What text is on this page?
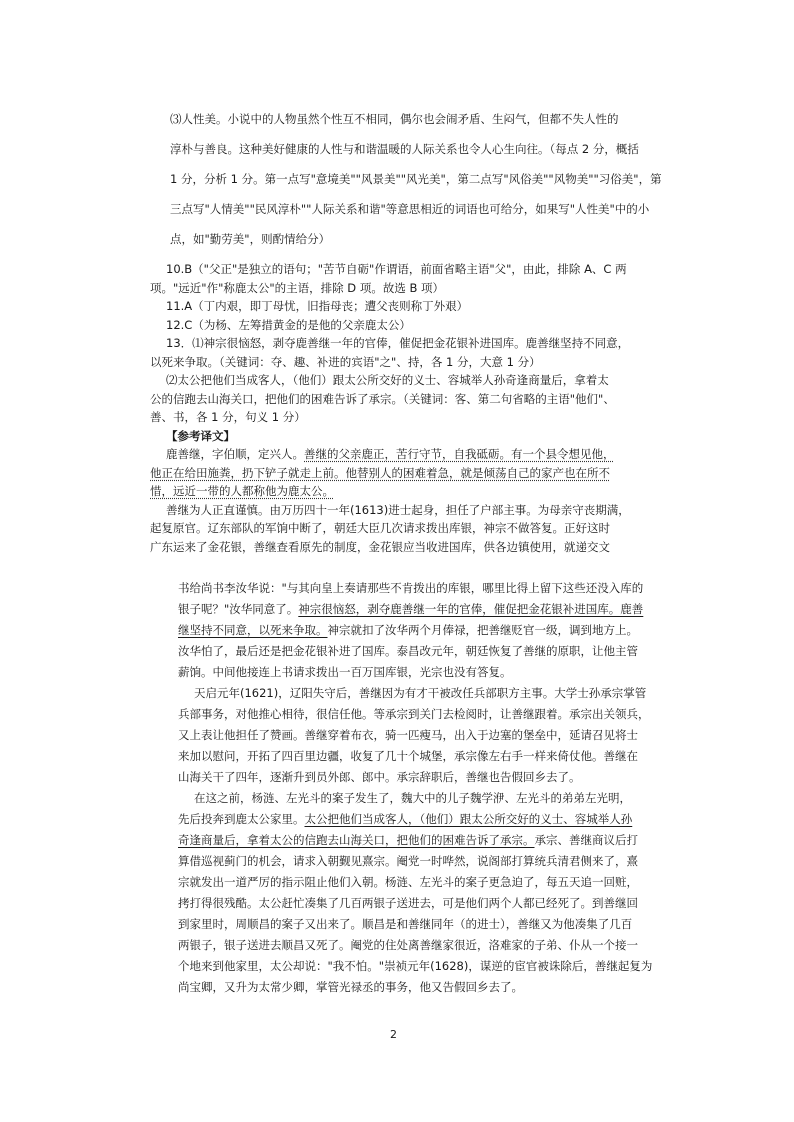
⑶人性美。小说中的人物虽然个性互不相同，偶尔也会闹矛盾、生闷气，但都不失人性的
淳朴与善良。这种美好健康的人性与和谐温暖的人际关系也令人心生向往。（每点 2 分，概括
1 分，分析 1 分。第一点写"意境美""风景美""风光美"，第二点写"风俗美""风物美""习俗美"，第
三点写"人情美""民风淳朴""人际关系和谐"等意思相近的词语也可给分，如果写"人性美"中的小
点，如"勤劳美"，则酌情给分）
10.B（"父正"是独立的语句；"苦节自砺"作谓语，前面省略主语"父"，由此，排除 A、C 两
项。"远近"作"称鹿太公"的主语，排除 D 项。故选 B 项）
11.A（丁内艰，即丁母忧，旧指母丧；遭父丧则称丁外艰）
12.C（为杨、左筹措黄金的是他的父亲鹿太公）
13．⑴神宗很恼怒，剥夺鹿善继一年的官俸，催促把金花银补进国库。鹿善继坚持不同意，
以死来争取。（关键词：夺、趣、补进的宾语"之"、持，各 1 分，大意 1 分）
⑵太公把他们当成客人，（他们）跟太公所交好的义士、容城举人孙奇逢商量后，拿着太
公的信跑去山海关口，把他们的困难告诉了承宗。（关键词：客、第二句省略的主语"他们"、
善、书，各 1 分，句义 1 分）
【参考译文】
鹿善继，字伯顺，定兴人。善继的父亲鹿正，苦行守节，自我砥砺。有一个县令想见他，
他正在给田施粪，扔下铲子就走上前。他替别人的困难着急，就是倾荡自己的家产也在所不
惜，远近一带的人都称他为鹿太公。
善继为人正直谨慎。由万历四十一年(1613)进士起身，担任了户部主事。为母亲守丧期满，
起复原官。辽东部队的军饷中断了，朝廷大臣几次请求拨出库银，神宗不做答复。正好这时
广东运来了金花银，善继查看原先的制度，金花银应当收进国库，供各边镇使用，就递交文
书给尚书李汝华说："与其向皇上奏请那些不肯拨出的库银，哪里比得上留下这些还没入库的
银子呢？"汝华同意了。神宗很恼怒，剥夺鹿善继一年的官俸，催促把金花银补进国库。鹿善
继坚持不同意，以死来争取。神宗就扣了汝华两个月俸禄，把善继贬官一级，调到地方上。
汝华怕了，最后还是把金花银补进了国库。泰昌改元年，朝廷恢复了善继的原职，让他主管
薪饷。中间他接连上书请求拨出一百万国库银，光宗也没有答复。
天启元年(1621)，辽阳失守后，善继因为有才干被改任兵部职方主事。大学士孙承宗掌管
兵部事务，对他推心相待，很信任他。等承宗到关门去检阅时，让善继跟着。承宗出关领兵，
又上表让他担任了赞画。善继穿着布衣，骑一匹瘦马，出入于边塞的堡垒中，延请召见将士
来加以慰问，开拓了四百里边疆，收复了几十个城堡，承宗像左右手一样来倚仗他。善继在
山海关干了四年，逐渐升到员外郎、郎中。承宗辞职后，善继也告假回乡去了。
在这之前，杨涟、左光斗的案子发生了，魏大中的儿子魏学洢、左光斗的弟弟左光明，
先后投奔到鹿太公家里。太公把他们当成客人，（他们）跟太公所交好的义士、容城举人孙
奇逢商量后，拿着太公的信跑去山海关口，把他们的困难告诉了承宗。承宗、善继商议后打
算借巡视蓟门的机会，请求入朝觐见熹宗。阉党一时哗然，说阁部打算统兵清君侧来了，熹
宗就发出一道严厉的指示阻止他们入朝。杨涟、左光斗的案子更急迫了，每五天追一回赃，
拷打得很残酷。太公赶忙凑集了几百两银子送进去，可是他们两个人都已经死了。到善继回
到家里时，周顺昌的案子又出来了。顺昌是和善继同年（的进士），善继又为他凑集了几百
两银子，银子送进去顺昌又死了。阉党的住处离善继家很近，洛难家的子弟、仆从一个接一
个地来到他家里，太公却说："我不怕。"崇祯元年(1628)，谋逆的宦官被诛除后，善继起复为
尚宝卿，又升为太常少卿，掌管光禄丞的事务，他又告假回乡去了。
2
